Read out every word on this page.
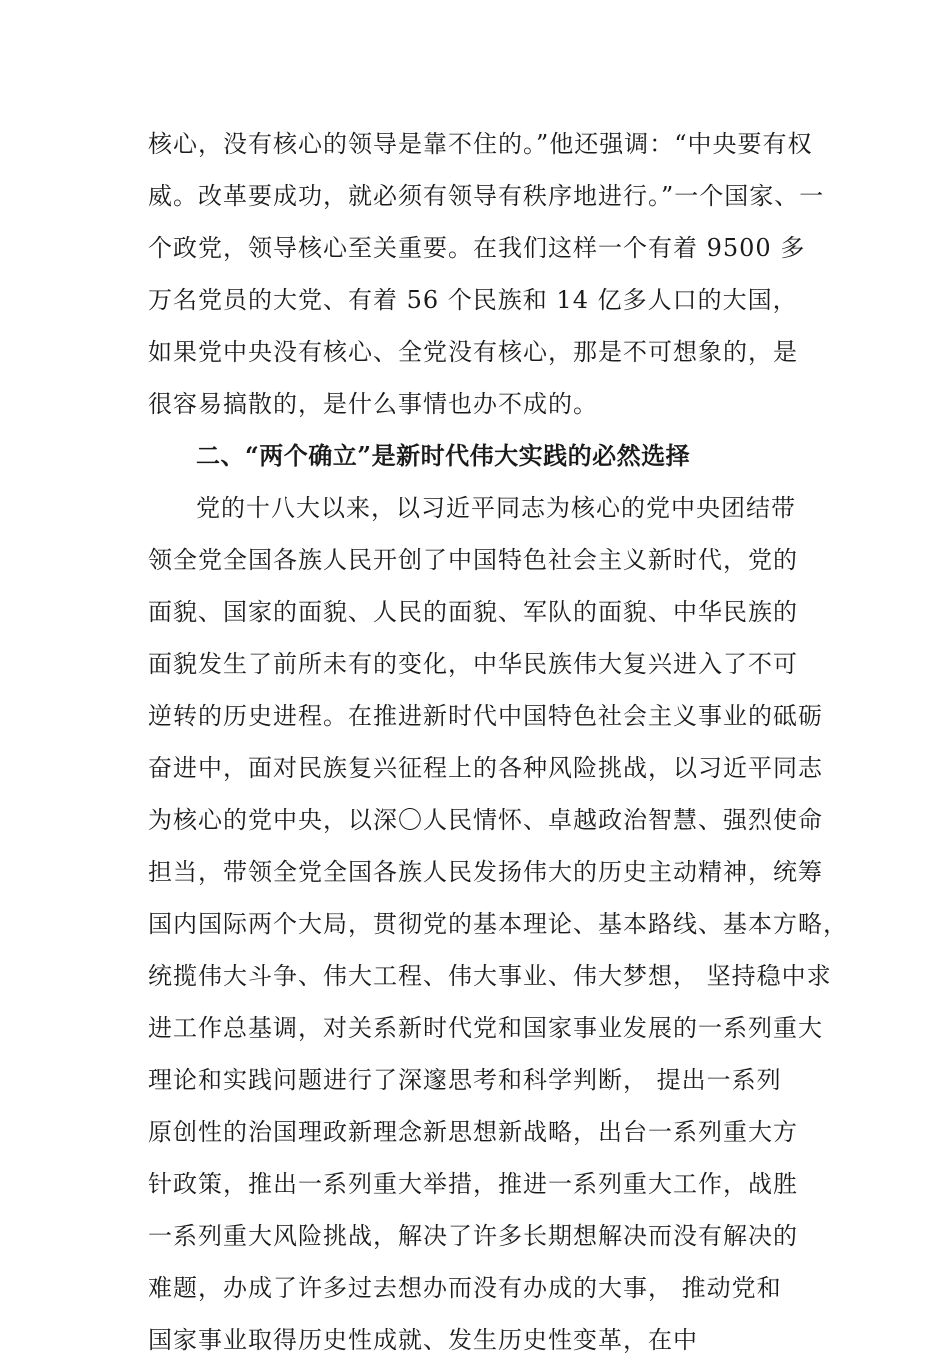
核心，没有核心的领导是靠不住的。”他还强调：“中央要有权
威。改革要成功，就必须有领导有秩序地进行。”一个国家、一
个政党，领导核心至关重要。在我们这样一个有着 9500 多
万名党员的大党、有着 56 个民族和 14 亿多人口的大国，
如果党中央没有核心、全党没有核心，那是不可想象的，是
很容易搞散的，是什么事情也办不成的。
二、“两个确立”是新时代伟大实践的必然选择
党的十八大以来，以习近平同志为核心的党中央团结带
领全党全国各族人民开创了中国特色社会主义新时代，党的
面貌、国家的面貌、人民的面貌、军队的面貌、中华民族的
面貌发生了前所未有的变化，中华民族伟大复兴进入了不可
逆转的历史进程。在推进新时代中国特色社会主义事业的砥砺
奋进中，面对民族复兴征程上的各种风险挑战，以习近平同志
为核心的党中央，以深〇人民情怀、卓越政治智慧、强烈使命
担当，带领全党全国各族人民发扬伟大的历史主动精神，统筹
国内国际两个大局，贯彻党的基本理论、基本路线、基本方略，
统揽伟大斗争、伟大工程、伟大事业、伟大梦想， 坚持稳中求
进工作总基调，对关系新时代党和国家事业发展的一系列重大
理论和实践问题进行了深邃思考和科学判断， 提出一系列
原创性的治国理政新理念新思想新战略，出台一系列重大方
针政策，推出一系列重大举措，推进一系列重大工作，战胜
一系列重大风险挑战，解决了许多长期想解决而没有解决的
难题，办成了许多过去想办而没有办成的大事， 推动党和
国家事业取得历史性成就、发生历史性变革，在中
